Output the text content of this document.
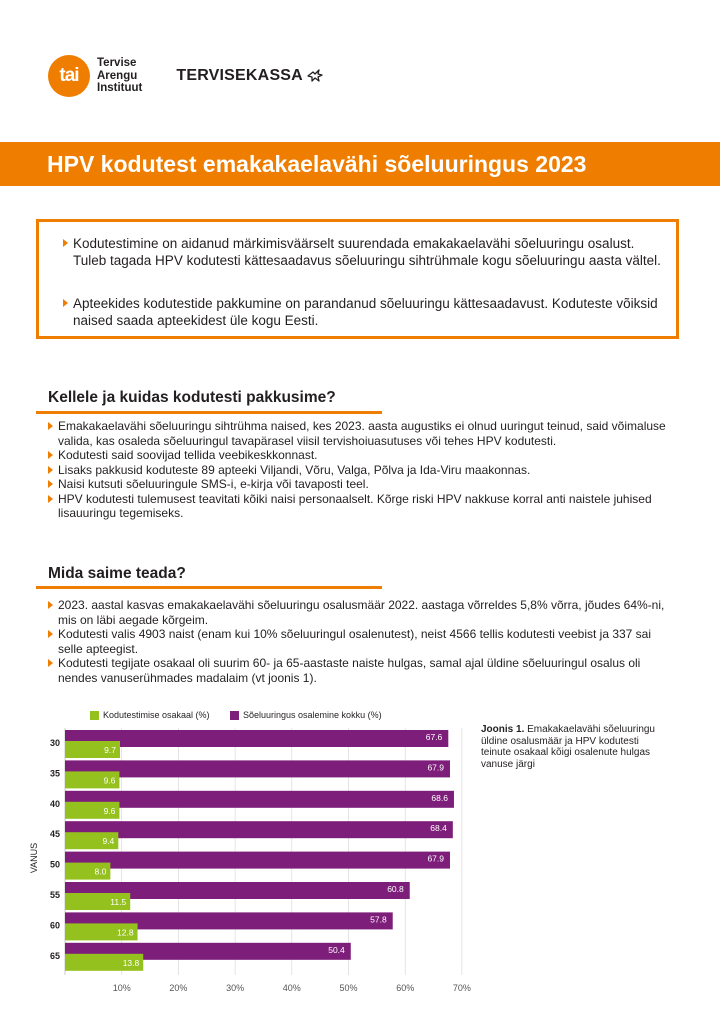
tai
Tervise
Arengu
Instituut
TERVISEKASSA
HPV kodutest emakakaelavähi sõeluuringus 2023
Kodutestimine on aidanud märkimisväärselt suurendada emakakaelavähi sõeluuringu osalust. Tuleb tagada HPV kodutesti kättesaadavus sõeluuringu sihtrühmale kogu sõeluuringu aasta vältel.
Apteekides kodutestide pakkumine on parandanud sõeluuringu kättesaadavust. Koduteste võiksid naised saada apteekidest üle kogu Eesti.
Kellele ja kuidas kodutesti pakkusime?
Emakakaelavähi sõeluuringu sihtrühma naised, kes 2023. aasta augustiks ei olnud uuringut teinud, said võimaluse valida, kas osaleda sõeluuringul tavapärasel viisil tervishoiuasutuses või tehes HPV kodutesti.
Kodutesti said soovijad tellida veebikeskkonnast.
Lisaks pakkusid koduteste 89 apteeki Viljandi, Võru, Valga, Põlva ja Ida-Viru maakonnas.
Naisi kutsuti sõeluuringule SMS-i, e-kirja või tavaposti teel.
HPV kodutesti tulemusest teavitati kõiki naisi personaalselt. Kõrge riski HPV nakkuse korral anti naistele juhised lisauuringu tegemiseks.
Mida saime teada?
2023. aastal kasvas emakakaelavähi sõeluuringu osalusmäär 2022. aastaga võrreldes 5,8% võrra, jõudes 64%-ni, mis on läbi aegade kõrgeim.
Kodutesti valis 4903 naist (enam kui 10% sõeluuringul osalenutest), neist 4566 tellis kodutesti veebist ja 337 sai selle apteegist.
Kodutesti tegijate osakaal oli suurim 60- ja 65-aastaste naiste hulgas, samal ajal üldine sõeluuringul osalus oli nendes vanuserühmades madalaim (vt joonis 1).
Kodutestimise osakaal (%)	Sõeluuringus osalemine kokku (%)
10%	20%	30%	40%	50%	60%	70%
VANUS
67.6
9.7
30
67.9
9.6
35
68.6
9.6
40
68.4
9.4
45
67.9
8.0
50
60.8
11.5
55
57.8
12.8
60
50.4
13.8
65
Joonis 1. Emakakaelavähi sõeluuringu üldine osalusmäär ja HPV kodutesti teinute osakaal kõigi osalenute hulgas vanuse järgi
